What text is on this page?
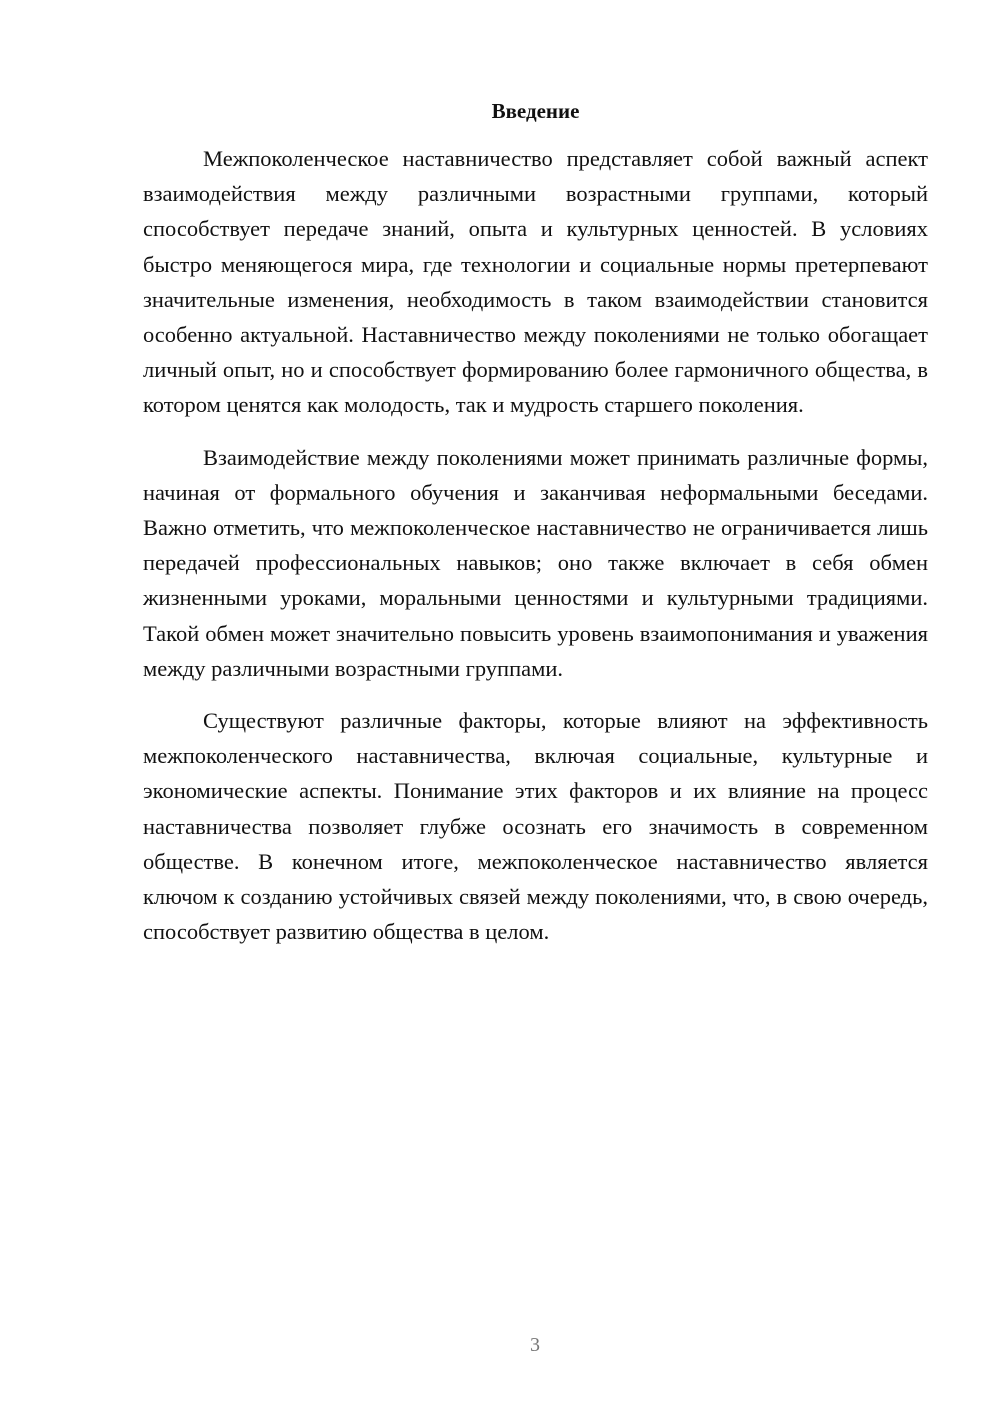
Введение

Межпоколенческое наставничество представляет собой важный аспект взаимодействия между различными возрастными группами, который способствует передаче знаний, опыта и культурных ценностей. В условиях быстро меняющегося мира, где технологии и социальные нормы претерпевают значительные изменения, необходимость в таком взаимодействии становится особенно актуальной. Наставничество между поколениями не только обогащает личный опыт, но и способствует формированию более гармоничного общества, в котором ценятся как молодость, так и мудрость старшего поколения.

Взаимодействие между поколениями может принимать различные формы, начиная от формального обучения и заканчивая неформальными беседами. Важно отметить, что межпоколенческое наставничество не ограничивается лишь передачей профессиональных навыков; оно также включает в себя обмен жизненными уроками, моральными ценностями и культурными традициями. Такой обмен может значительно повысить уровень взаимопонимания и уважения между различными возрастными группами.

Существуют различные факторы, которые влияют на эффективность межпоколенческого наставничества, включая социальные, культурные и экономические аспекты. Понимание этих факторов и их влияние на процесс наставничества позволяет глубже осознать его значимость в современном обществе. В конечном итоге, межпоколенческое наставничество является ключом к созданию устойчивых связей между поколениями, что, в свою очередь, способствует развитию общества в целом.

3
